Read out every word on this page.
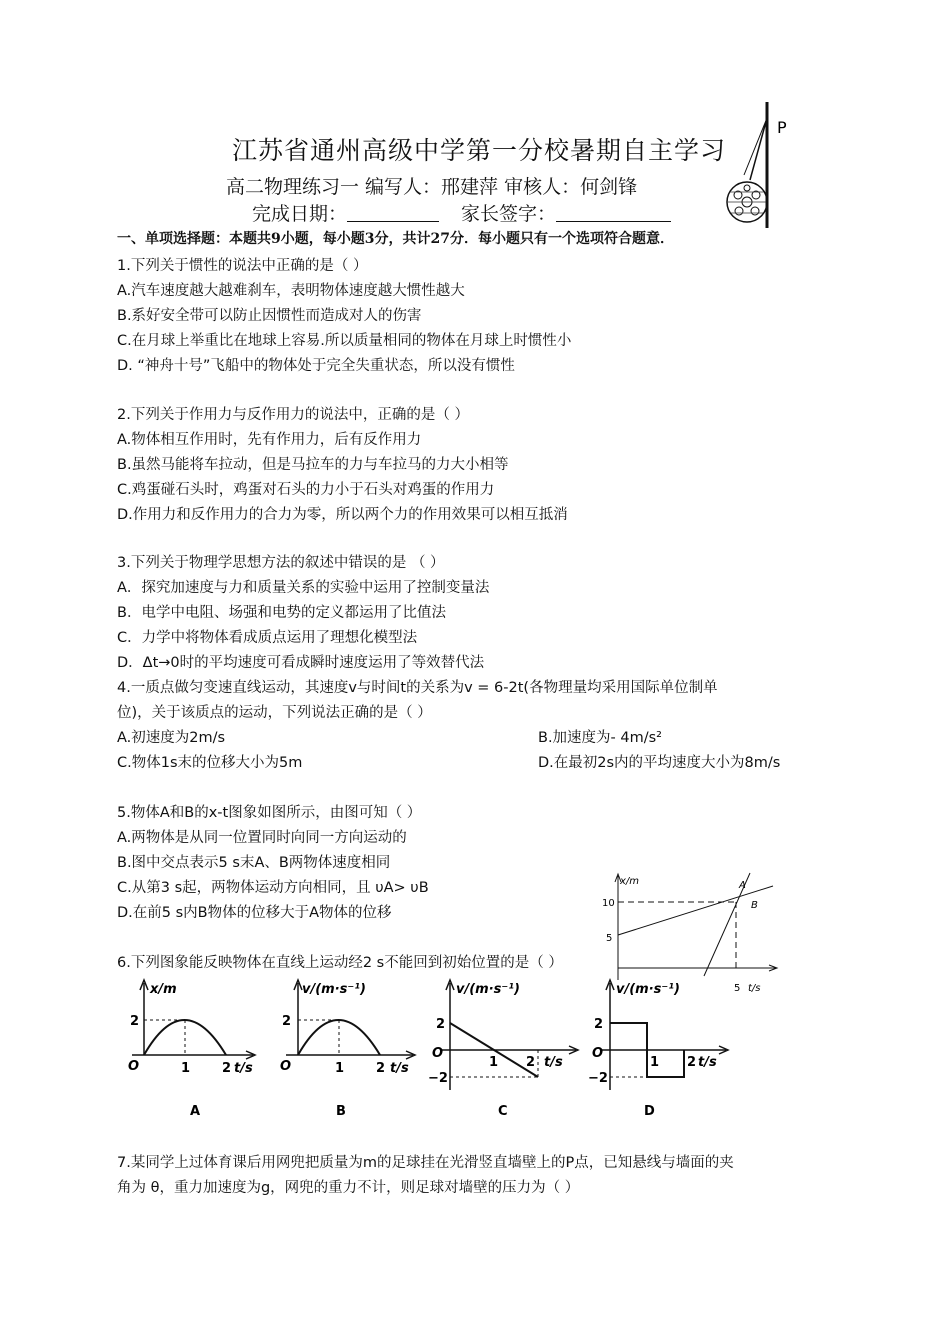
江苏省通州高级中学第一分校暑期自主学习
高二物理练习一 编写人：邢建萍 审核人：何剑锋
完成日期：	家长签字：
P
一、单项选择题：本题共9小题，每小题3分，共计27分．每小题只有一个选项符合题意．
1.下列关于惯性的说法中正确的是（ ）
A.汽车速度越大越难刹车，表明物体速度越大惯性越大
B.系好安全带可以防止因惯性而造成对人的伤害
C.在月球上举重比在地球上容易.所以质量相同的物体在月球上时惯性小
D. “神舟十号”飞船中的物体处于完全失重状态，所以没有惯性
2.下列关于作用力与反作用力的说法中，正确的是（ ）
A.物体相互作用时，先有作用力，后有反作用力
B.虽然马能将车拉动，但是马拉车的力与车拉马的力大小相等
C.鸡蛋碰石头时，鸡蛋对石头的力小于石头对鸡蛋的作用力
D.作用力和反作用力的合力为零，所以两个力的作用效果可以相互抵消
3.下列关于物理学思想方法的叙述中错误的是 （ ）
A．探究加速度与力和质量关系的实验中运用了控制变量法
B．电学中电阻、场强和电势的定义都运用了比值法
C．力学中将物体看成质点运用了理想化模型法
D．Δt→0时的平均速度可看成瞬时速度运用了等效替代法
4.一质点做匀变速直线运动，其速度v与时间t的关系为v = 6-2t(各物理量均采用国际单位制单
位)，关于该质点的运动，下列说法正确的是（ ）
A.初速度为2m/s	B.加速度为- 4m/s²
C.物体1s末的位移大小为5m	D.在最初2s内的平均速度大小为8m/s
5.物体A和B的x-t图象如图所示，由图可知（ ）
A.两物体是从同一位置同时向同一方向运动的
B.图中交点表示5 s末A、B两物体速度相同
C.从第3 s起，两物体运动方向相同，且 υA> υB
D.在前5 s内B物体的位移大于A物体的位移
x/m
10
5
5 t/s
A
B
6.下列图象能反映物体在直线上运动经2 s不能回到初始位置的是（ ）
x/m
2
O	1 2 t/s
A
v/(m·s⁻¹)
2
O	1 2 t/s
B
v/(m·s⁻¹)
2
−2
O
1 2 t/s
C
v/(m·s⁻¹)
2
−2
O
1 2 t/s
D
7.某同学上过体育课后用网兜把质量为m的足球挂在光滑竖直墙壁上的P点，已知悬线与墙面的夹
角为 θ，重力加速度为g，网兜的重力不计，则足球对墙壁的压力为（ ）
